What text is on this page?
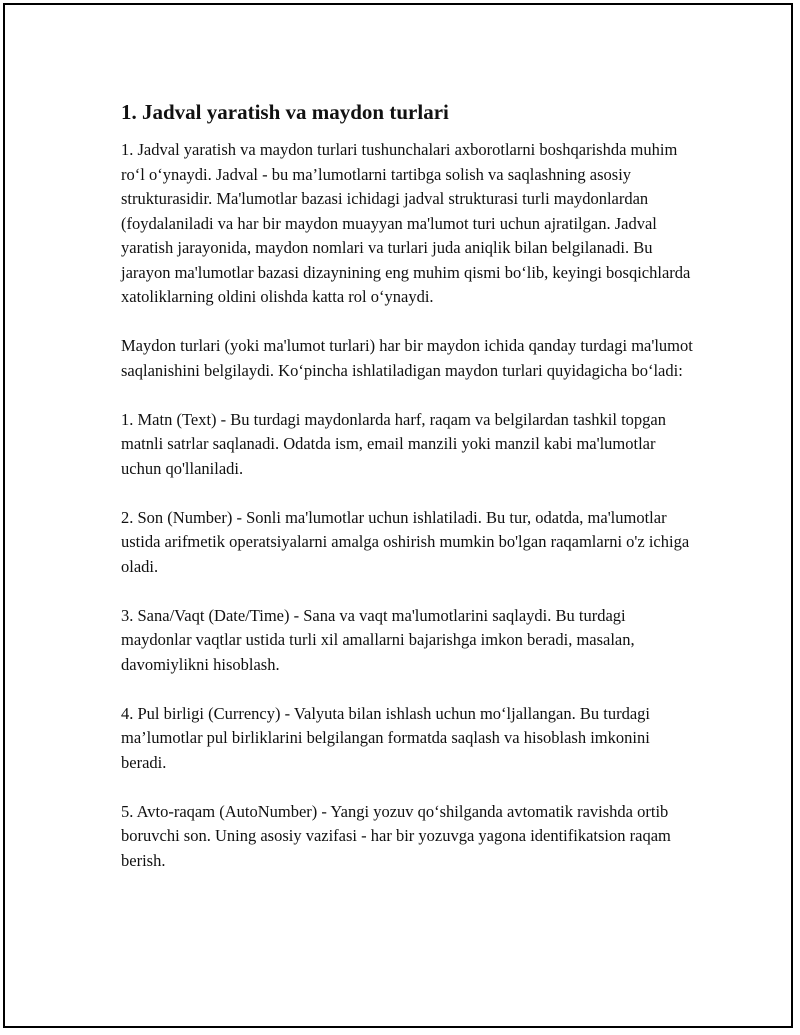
1. Jadval yaratish va maydon turlari

1. Jadval yaratish va maydon turlari tushunchalari axborotlarni boshqarishda muhim roʻl oʻynaydi. Jadval - bu ma’lumotlarni tartibga solish va saqlashning asosiy strukturasidir. Ma'lumotlar bazasi ichidagi jadval strukturasi turli maydonlardan (foydalaniladi va har bir maydon muayyan ma'lumot turi uchun ajratilgan. Jadval yaratish jarayonida, maydon nomlari va turlari juda aniqlik bilan belgilanadi. Bu jarayon ma'lumotlar bazasi dizaynining eng muhim qismi boʻlib, keyingi bosqichlarda xatoliklarning oldini olishda katta rol oʻynaydi.

Maydon turlari (yoki ma'lumot turlari) har bir maydon ichida qanday turdagi ma'lumot saqlanishini belgilaydi. Koʻpincha ishlatiladigan maydon turlari quyidagicha boʻladi:

1. Matn (Text) - Bu turdagi maydonlarda harf, raqam va belgilardan tashkil topgan matnli satrlar saqlanadi. Odatda ism, email manzili yoki manzil kabi ma'lumotlar uchun qo'llaniladi.

2. Son (Number) - Sonli ma'lumotlar uchun ishlatiladi. Bu tur, odatda, ma'lumotlar ustida arifmetik operatsiyalarni amalga oshirish mumkin bo'lgan raqamlarni o'z ichiga oladi.

3. Sana/Vaqt (Date/Time) - Sana va vaqt ma'lumotlarini saqlaydi. Bu turdagi maydonlar vaqtlar ustida turli xil amallarni bajarishga imkon beradi, masalan, davomiylikni hisoblash.

4. Pul birligi (Currency) - Valyuta bilan ishlash uchun moʻljallangan. Bu turdagi ma’lumotlar pul birliklarini belgilangan formatda saqlash va hisoblash imkonini beradi.

5. Avto-raqam (AutoNumber) - Yangi yozuv qoʻshilganda avtomatik ravishda ortib boruvchi son. Uning asosiy vazifasi - har bir yozuvga yagona identifikatsion raqam berish.
